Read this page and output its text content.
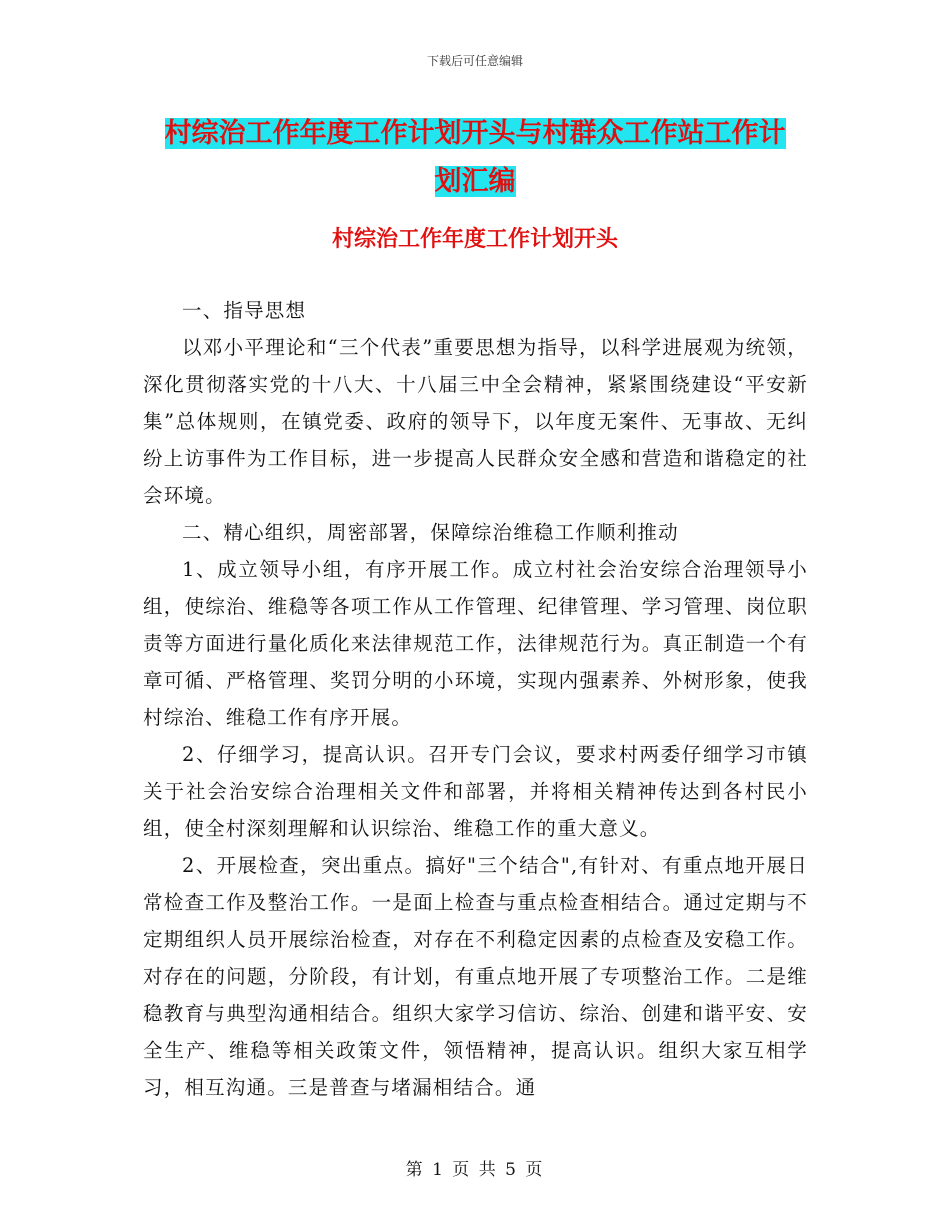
下载后可任意编辑
村综治工作年度工作计划开头与村群众工作站工作计
划汇编
村综治工作年度工作计划开头

一、指导思想

以邓小平理论和“三个代表”重要思想为指导，以科学进展观为统领，深化贯彻落实党的十八大、十八届三中全会精神，紧紧围绕建设“平安新集”总体规则，在镇党委、政府的领导下，以年度无案件、无事故、无纠纷上访事件为工作目标，进一步提高人民群众安全感和营造和谐稳定的社会环境。

二、精心组织，周密部署，保障综治维稳工作顺利推动

1、成立领导小组，有序开展工作。成立村社会治安综合治理领导小组，使综治、维稳等各项工作从工作管理、纪律管理、学习管理、岗位职责等方面进行量化质化来法律规范工作，法律规范行为。真正制造一个有章可循、严格管理、奖罚分明的小环境，实现内强素养、外树形象，使我村综治、维稳工作有序开展。

2、仔细学习，提高认识。召开专门会议，要求村两委仔细学习市镇关于社会治安综合治理相关文件和部署，并将相关精神传达到各村民小组，使全村深刻理解和认识综治、维稳工作的重大意义。

2、开展检查，突出重点。搞好"三个结合",有针对、有重点地开展日常检查工作及整治工作。一是面上检查与重点检查相结合。通过定期与不定期组织人员开展综治检查，对存在不利稳定因素的点检查及安稳工作。对存在的问题，分阶段，有计划，有重点地开展了专项整治工作。二是维稳教育与典型沟通相结合。组织大家学习信访、综治、创建和谐平安、安全生产、维稳等相关政策文件，领悟精神，提高认识。组织大家互相学习，相互沟通。三是普查与堵漏相结合。通

第 1 页 共 5 页
